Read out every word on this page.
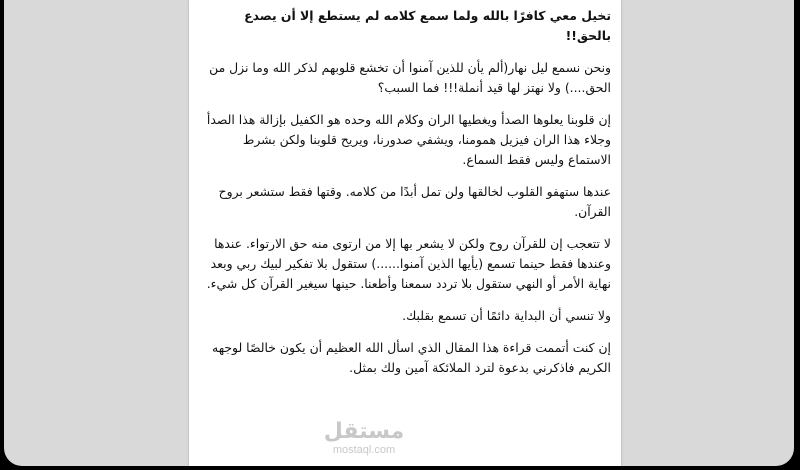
تخيل معي كافرًا بالله ولما سمع كلامه لم يستطع إلا أن يصدع بالحق!!

ونحن نسمع ليل نهار(ألم يأن للذين آمنوا أن تخشع قلوبهم لذكر الله وما نزل من الحق....) ولا نهتز لها قيد أنملة!!! فما السبب؟

إن قلوبنا يعلوها الصدأ ويغطيها الران وكلام الله وحده هو الكفيل بإزالة هذا الصدأ وجلاء هذا الران فيزيل همومنا، ويشفي صدورنا، ويريح قلوبنا ولكن بشرط الاستماع وليس فقط السماع.

عندها ستهفو القلوب لخالقها ولن تمل أبدًا من كلامه. وقتها فقط ستشعر بروح القرآن.

لا تتعجب إن للقرآن روح ولكن لا يشعر بها إلا من ارتوى منه حق الارتواء. عندها وعندها فقط حينما تسمع (يأيها الذين آمنوا......) ستقول بلا تفكير لبيك ربي وبعد نهاية الأمر أو النهي ستقول بلا تردد سمعنا وأطعنا. حينها سيغير القرآن كل شيء.

ولا تنسي أن البداية دائمًا أن تسمع بقلبك.

إن كنت أتممت قراءة هذا المقال الذي اسأل الله العظيم أن يكون خالصًا لوجهه الكريم فاذكرني بدعوة لترد الملائكة آمين ولك بمثل.

مستقل
mostaql.com
